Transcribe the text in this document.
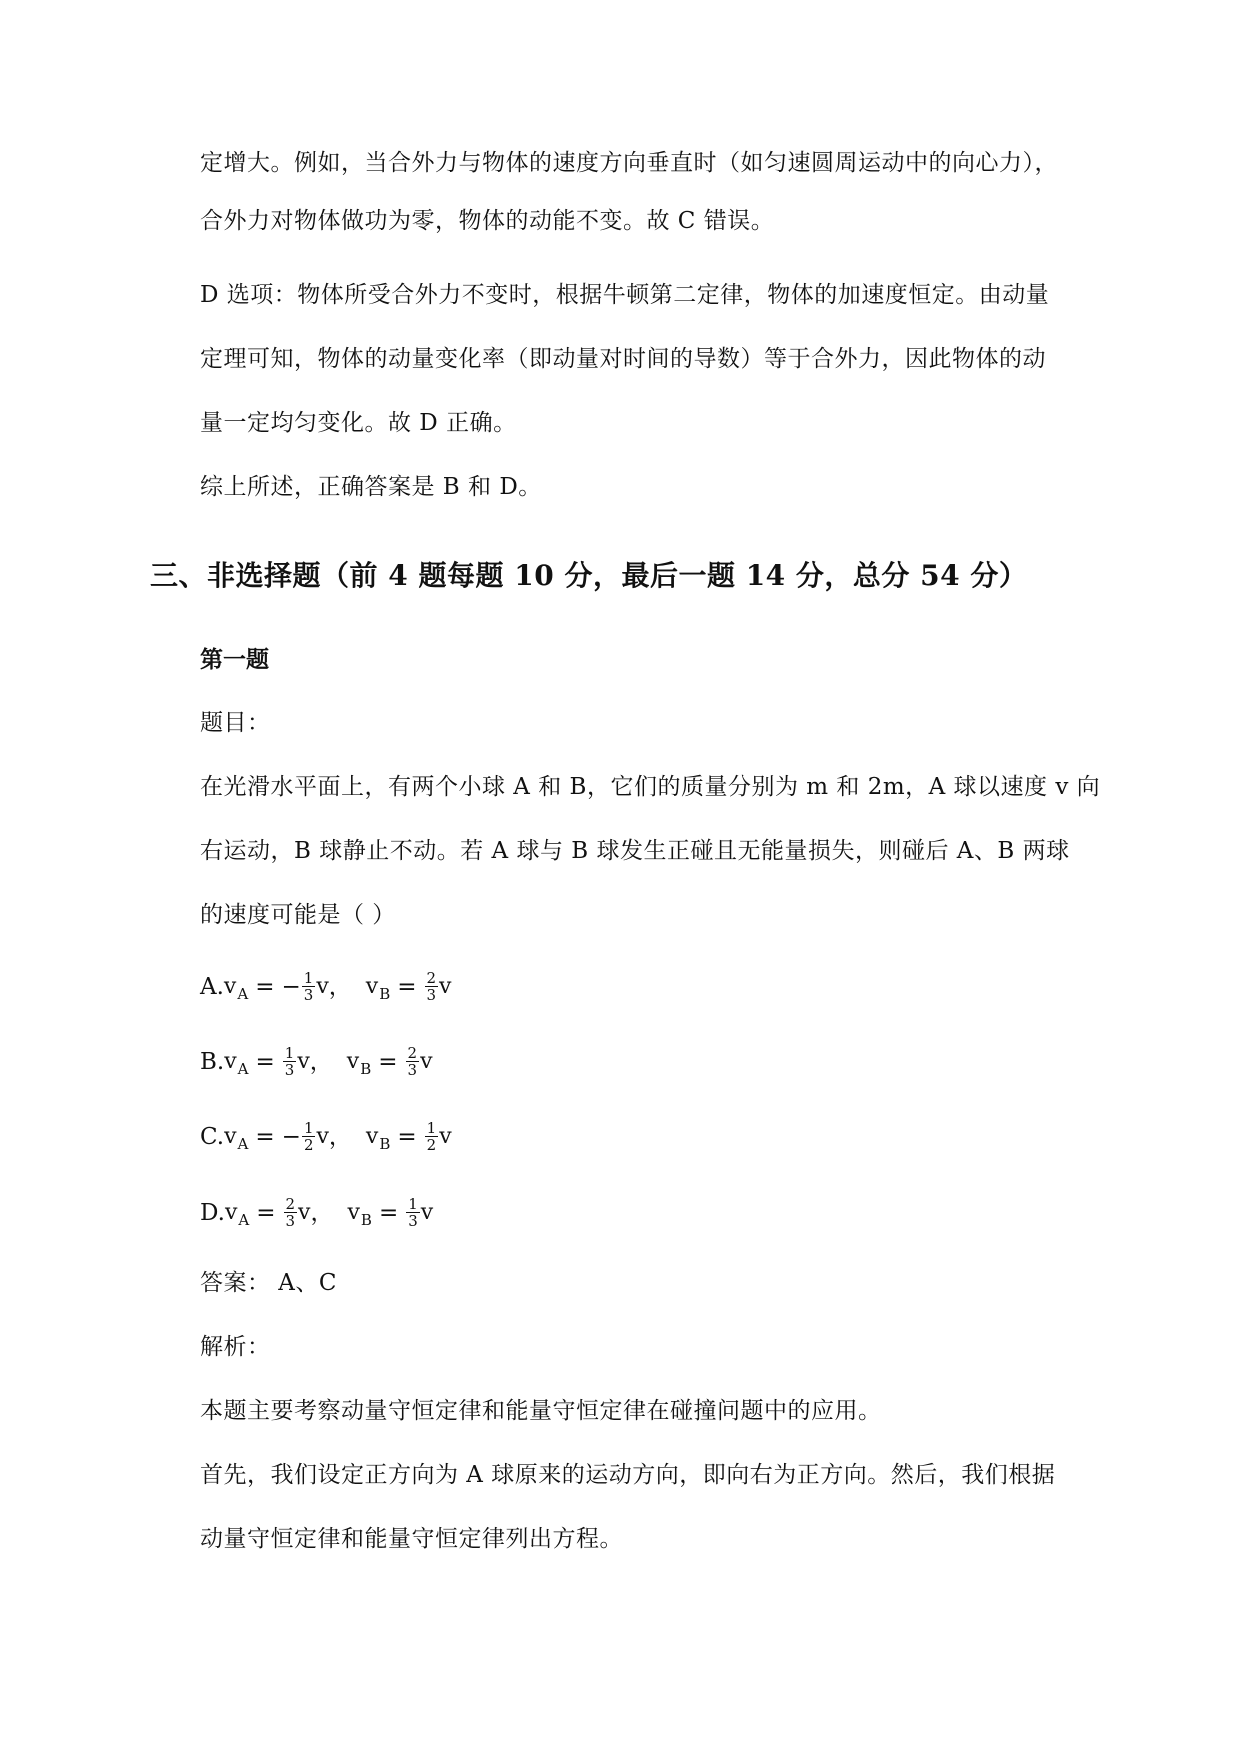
定增大。例如，当合外力与物体的速度方向垂直时（如匀速圆周运动中的向心力），
合外力对物体做功为零，物体的动能不变。故 C 错误。
D 选项：物体所受合外力不变时，根据牛顿第二定律，物体的加速度恒定。由动量
定理可知，物体的动量变化率（即动量对时间的导数）等于合外力，因此物体的动
量一定均匀变化。故 D 正确。
综上所述，正确答案是 B 和 D。
三、非选择题（前 4 题每题 10 分，最后一题 14 分，总分 54 分）
第一题
题目：
在光滑水平面上，有两个小球 A 和 B，它们的质量分别为 m 和 2m，A 球以速度 v 向
右运动，B 球静止不动。若 A 球与 B 球发生正碰且无能量损失，则碰后 A、B 两球
的速度可能是（ ）
A. v A = − $\frac{1}{3}$ v ， v $B = \frac{2}{3}$ v
B. v $A = \frac{1}{3}$ v ， v $B = \frac{2}{3}$ v
C. v A = − $\frac{1}{2}$ v ， v $B = \frac{1}{2}$ v
D. v $A = \frac{2}{3}$ v ， v $B = \frac{1}{3}$ v
答案： A、C
解析：
本题主要考察动量守恒定律和能量守恒定律在碰撞问题中的应用。
首先，我们设定正方向为 A 球原来的运动方向，即向右为正方向。然后，我们根据
动量守恒定律和能量守恒定律列出方程。
